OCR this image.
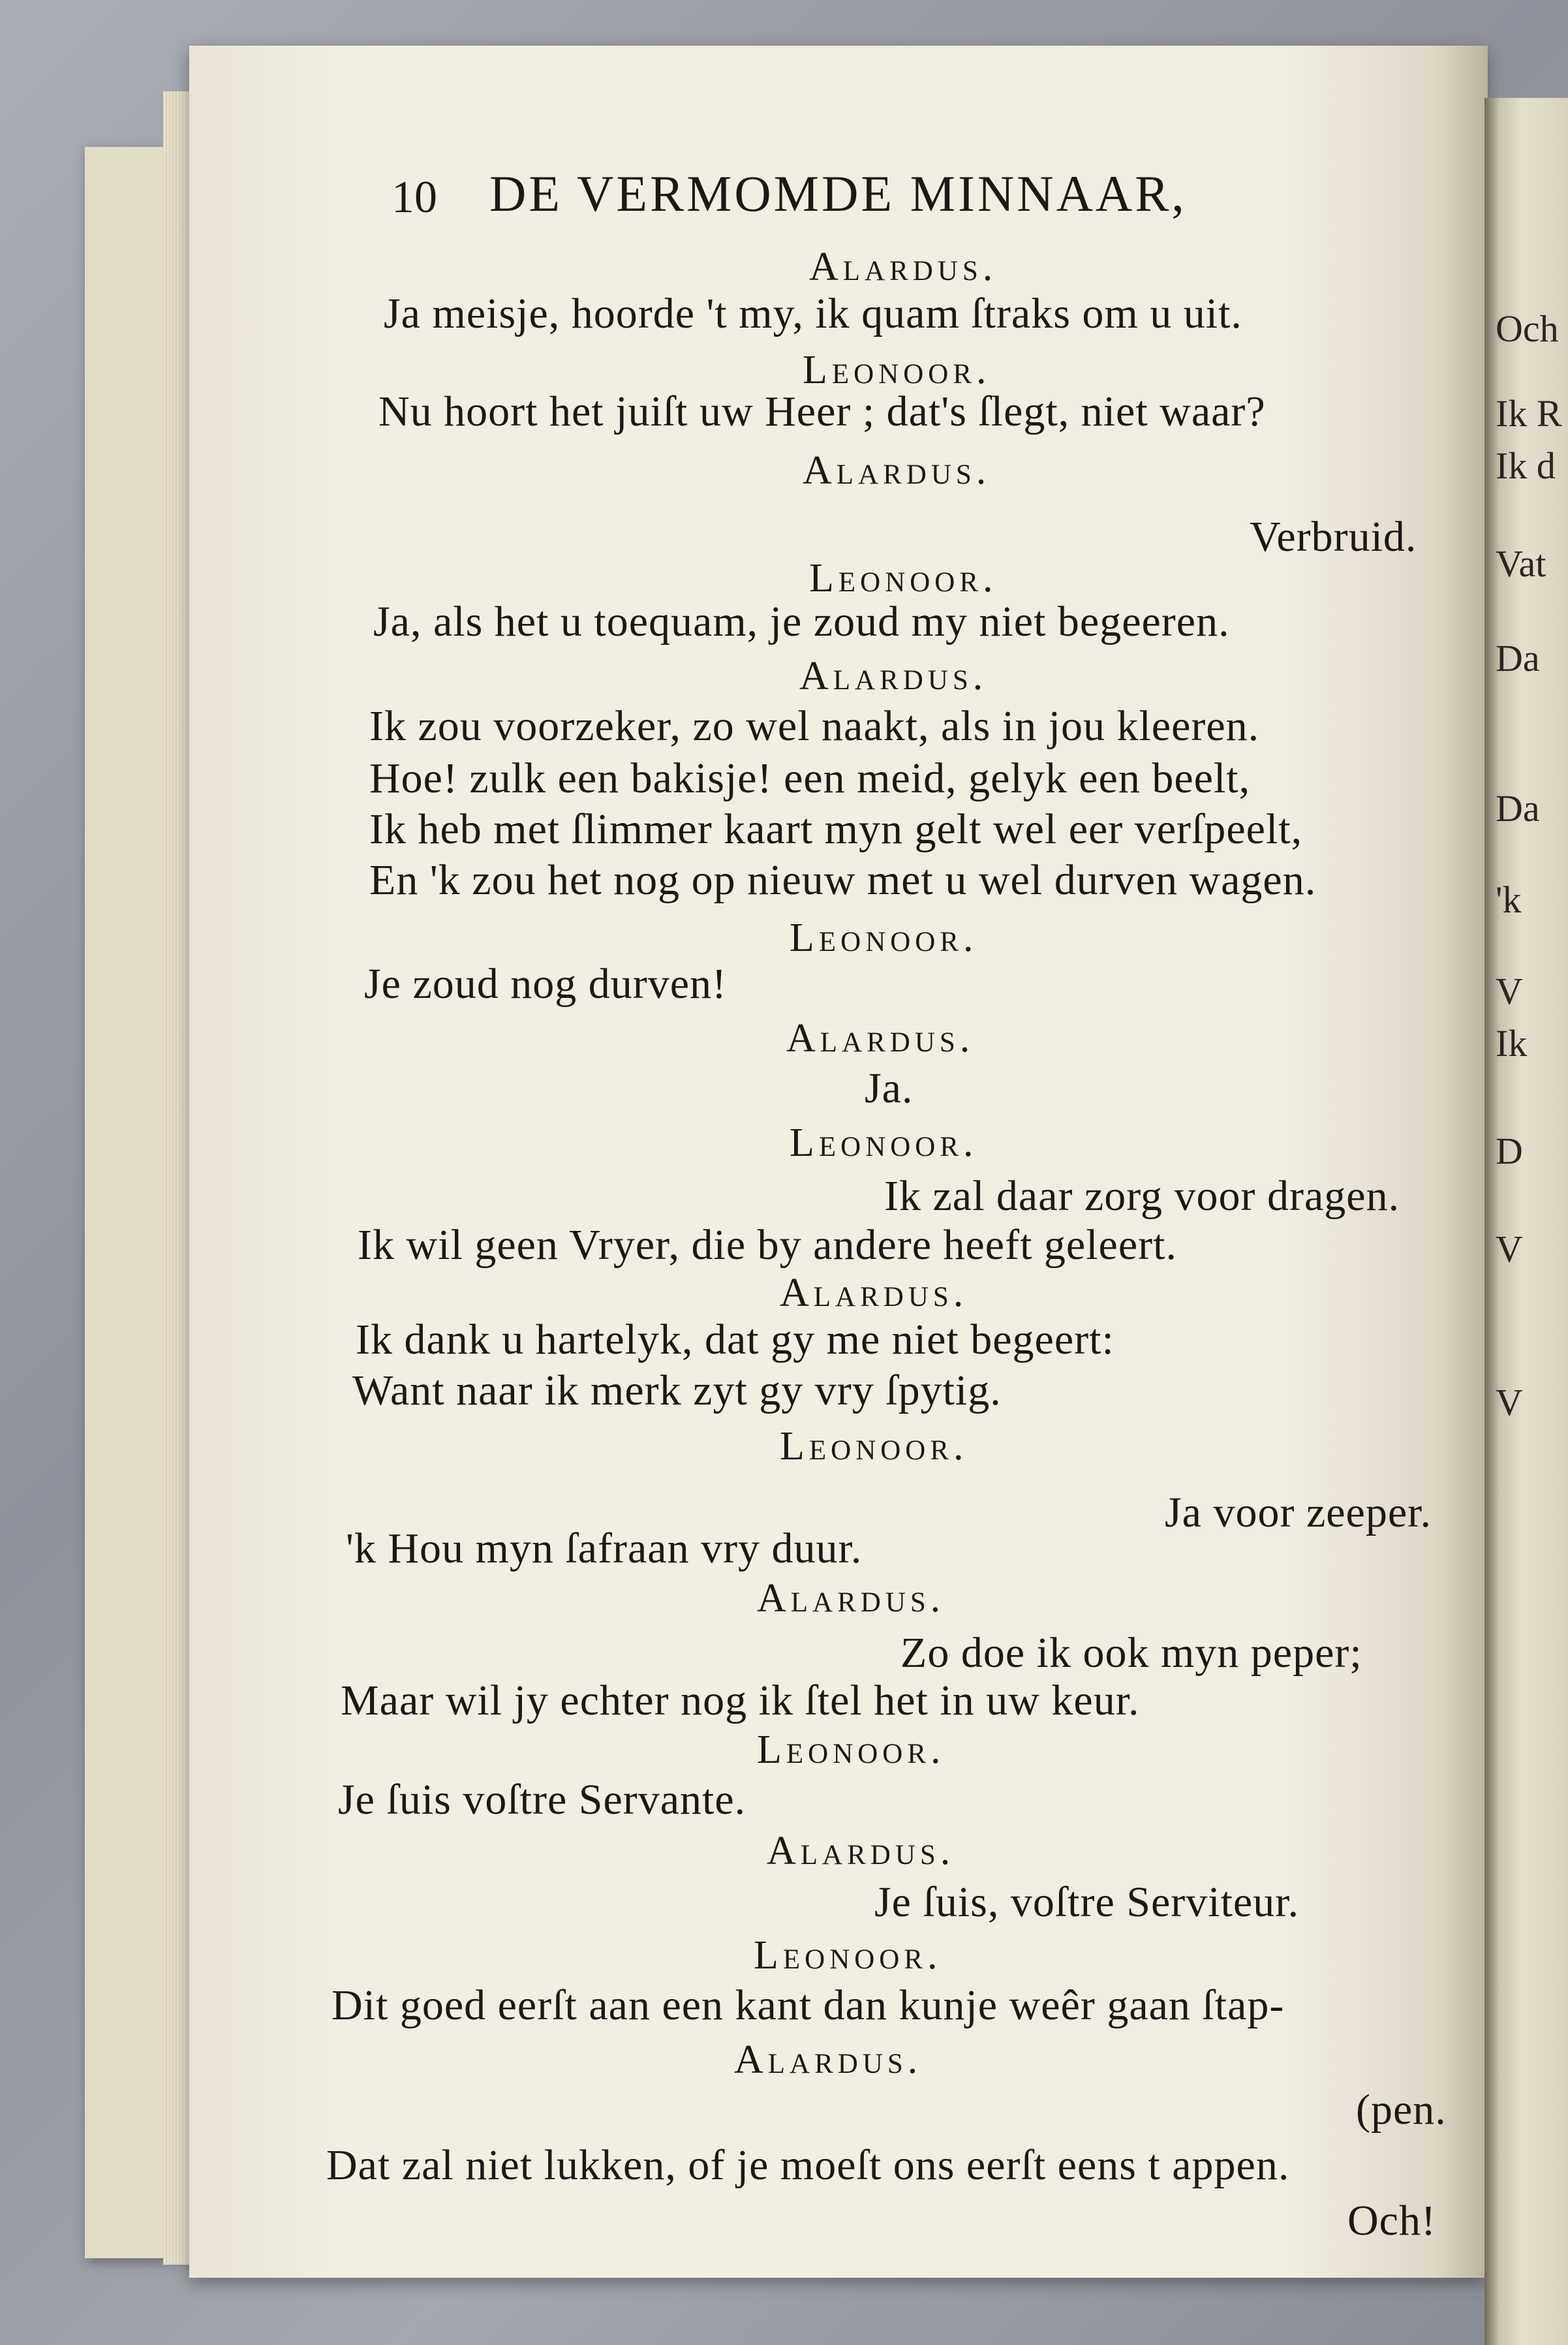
Och
Ik R
Ik d
Vat
Da
Da
'k
V
Ik
D
V
V
10 DE VERMOMDE MINNAAR,
Alardus.
Ja meisje, hoorde 't my, ik quam ſtraks om u uit.
Leonoor.
Nu hoort het juiſt uw Heer ; dat's ſlegt, niet waar?
Alardus.
Verbruid.
Leonoor.
Ja, als het u toequam, je zoud my niet begeeren.
Alardus.
Ik zou voorzeker, zo wel naakt, als in jou kleeren.
Hoe! zulk een bakisje! een meid, gelyk een beelt,
Ik heb met ſlimmer kaart myn gelt wel eer verſpeelt,
En 'k zou het nog op nieuw met u wel durven wagen.
Leonoor.
Je zoud nog durven!
Alardus.
Ja.
Leonoor.
Ik zal daar zorg voor dragen.
Ik wil geen Vryer, die by andere heeft geleert.
Alardus.
Ik dank u hartelyk, dat gy me niet begeert:
Want naar ik merk zyt gy vry ſpytig.
Leonoor.
Ja voor zeeper.
'k Hou myn ſafraan vry duur.
Alardus.
Zo doe ik ook myn peper;
Maar wil jy echter nog ik ſtel het in uw keur.
Leonoor.
Je ſuis voſtre Servante.
Alardus.
Je ſuis, voſtre Serviteur.
Leonoor.
Dit goed eerſt aan een kant dan kunje weêr gaan ſtap-
Alardus.
(pen.
Dat zal niet lukken, of je moeſt ons eerſt eens t appen.
Och!
